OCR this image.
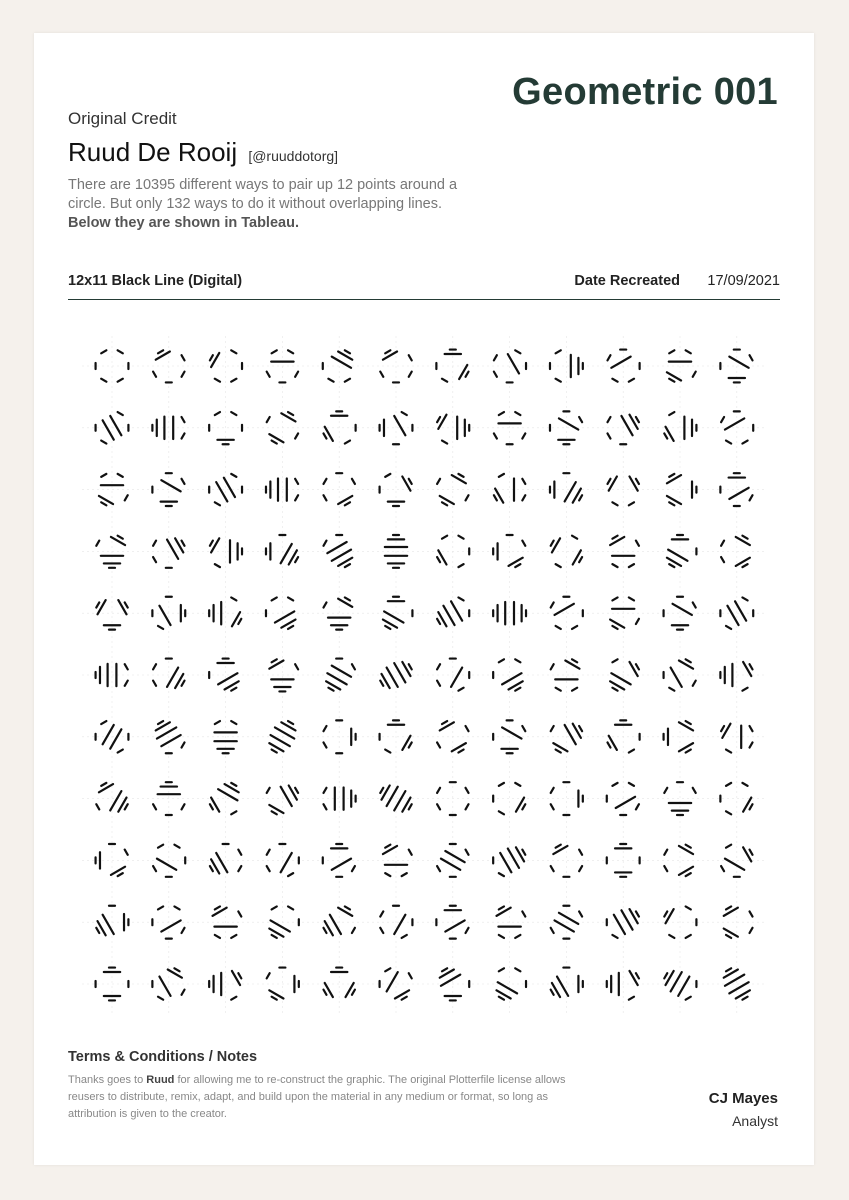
Geometric 001
Original Credit
Ruud De Rooij [@ruuddotorg]
There are 10395 different ways to pair up 12 points around a circle. But only 132 ways to do it without overlapping lines. Below they are shown in Tableau.
12x11 Black Line (Digital)	Date Recreated 17/09/2021
Terms & Conditions / Notes
Thanks goes to Ruud for allowing me to re-construct the graphic. The original Plotterfile license allows reusers to distribute, remix, adapt, and build upon the material in any medium or format, so long as attribution is given to the creator.
CJ Mayes
Analyst
